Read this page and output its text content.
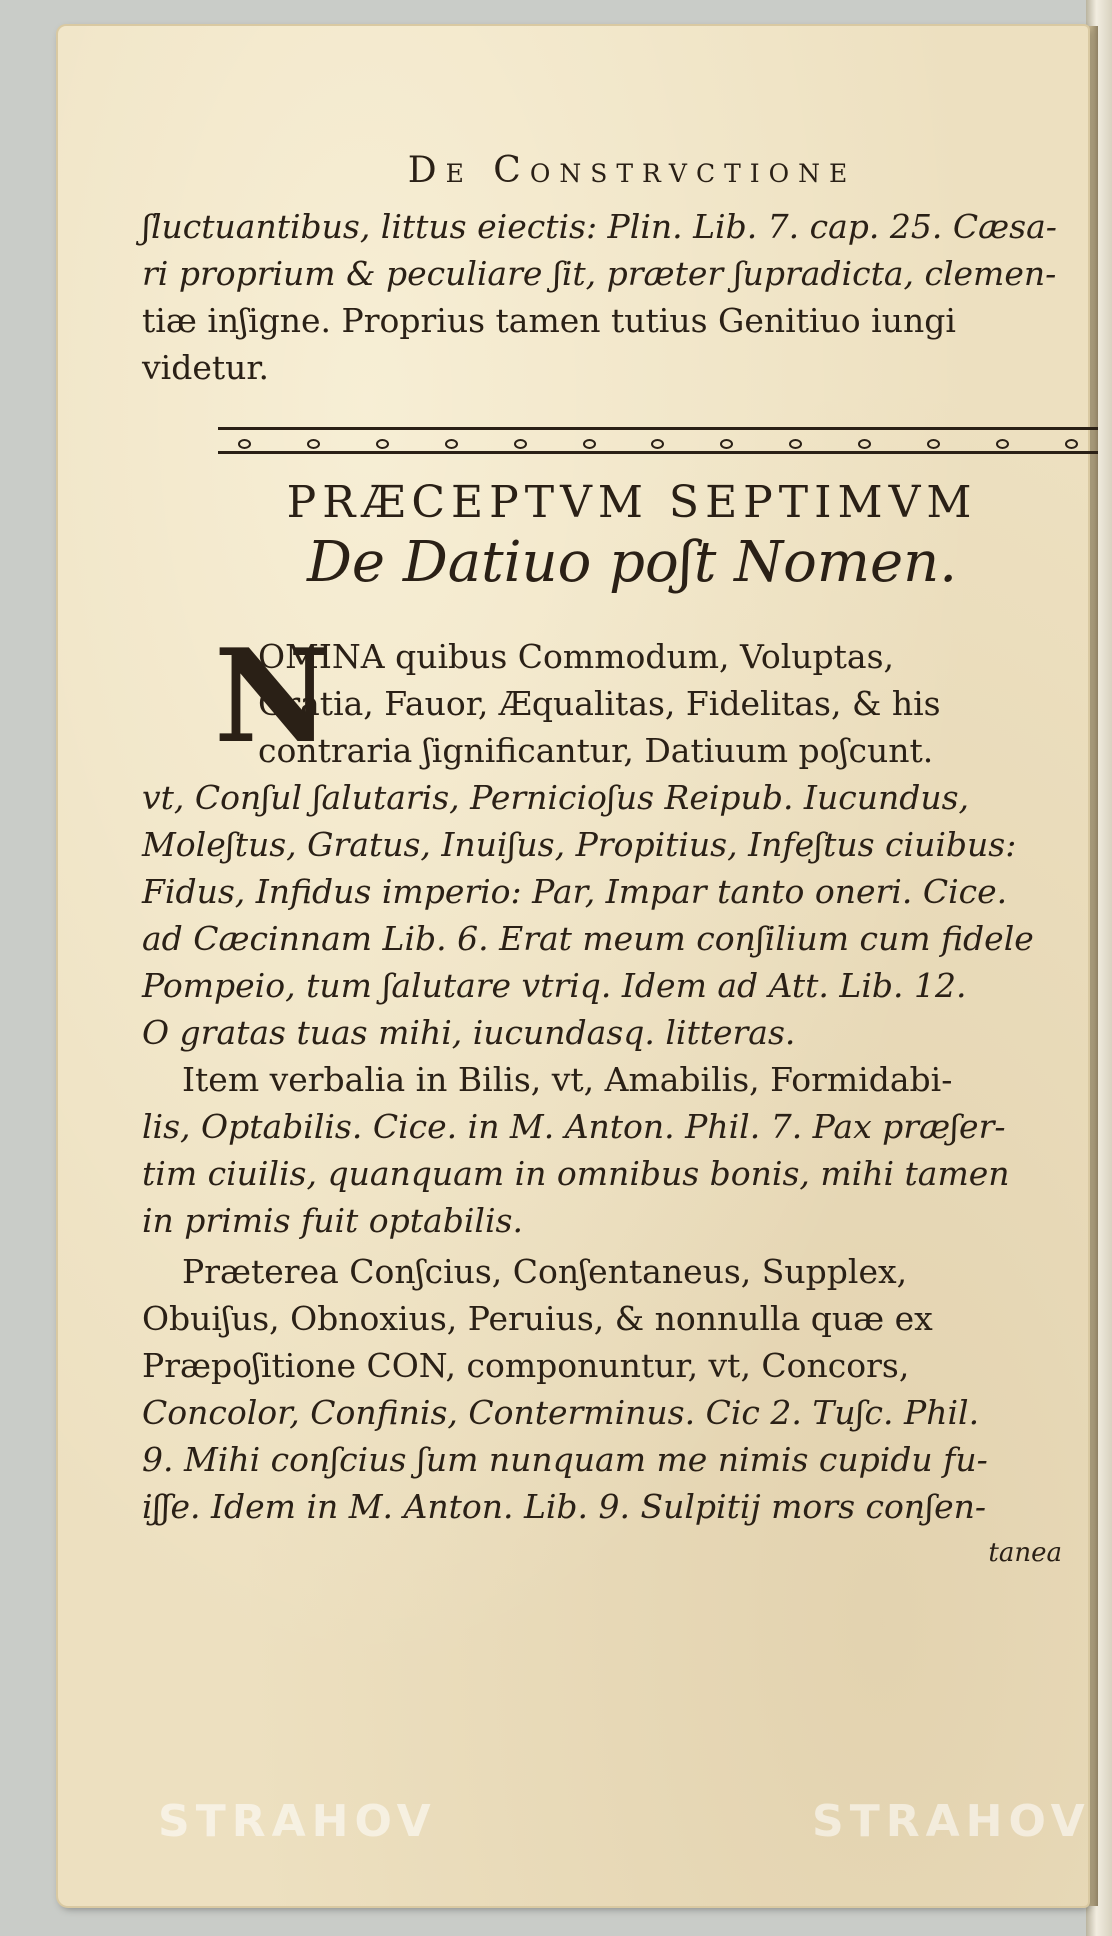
De Constrvctione
ʃluctuantibus, littus eiectis: Plin. Lib. 7. cap. 25. Cæsa-
ri proprium & peculiare ʃit, præter ʃupradicta, clemen-
tiæ inʃigne. Proprius tamen tutius Genitiuo iungi
videtur.
PRÆCEPTVM SEPTIMVM
De Datiuo poʃt Nomen.
N
OMINA quibus Commodum, Voluptas,
Gratia, Fauor, Æqualitas, Fidelitas, & his
contraria ʃignificantur, Datiuum poʃcunt.
vt, Conʃul ʃalutaris, Pernicioʃus Reipub. Iucundus,
Moleʃtus, Gratus, Inuiʃus, Propitius, Infeʃtus ciuibus:
Fidus, Infidus imperio: Par, Impar tanto oneri. Cice.
ad Cæcinnam Lib. 6. Erat meum conʃilium cum fidele
Pompeio, tum ʃalutare vtriq. Idem ad Att. Lib. 12.
O gratas tuas mihi, iucundasq. litteras.
Item verbalia in Bilis, vt, Amabilis, Formidabi-
lis, Optabilis. Cice. in M. Anton. Phil. 7. Pax præʃer-
tim ciuilis, quanquam in omnibus bonis, mihi tamen
in primis fuit optabilis.
Præterea Conʃcius, Conʃentaneus, Supplex,
Obuiʃus, Obnoxius, Peruius, & nonnulla quæ ex
Præpoʃitione CON, componuntur, vt, Concors,
Concolor, Confinis, Conterminus. Cic 2. Tuʃc. Phil.
9. Mihi conʃcius ʃum nunquam me nimis cupidu fu-
iʃʃe. Idem in M. Anton. Lib. 9. Sulpitij mors conʃen-
tanea
STRAHOV	STRAHOV
